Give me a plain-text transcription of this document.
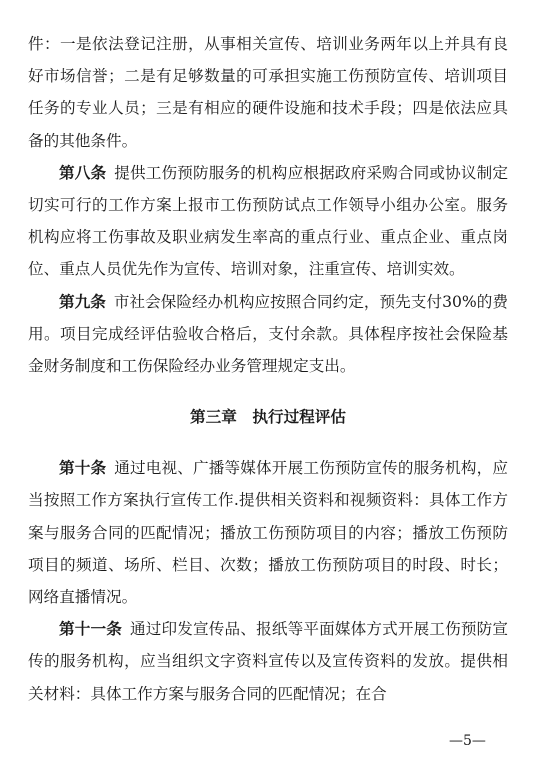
件：一是依法登记注册，从事相关宣传、培训业务两年以上并具有良好市场信誉；二是有足够数量的可承担实施工伤预防宣传、培训项目任务的专业人员；三是有相应的硬件设施和技术手段；四是依法应具备的其他条件。

第八条 提供工伤预防服务的机构应根据政府采购合同或协议制定切实可行的工作方案上报市工伤预防试点工作领导小组办公室。服务机构应将工伤事故及职业病发生率高的重点行业、重点企业、重点岗位、重点人员优先作为宣传、培训对象，注重宣传、培训实效。

第九条 市社会保险经办机构应按照合同约定，预先支付30%的费用。项目完成经评估验收合格后，支付余款。具体程序按社会保险基金财务制度和工伤保险经办业务管理规定支出。

第三章　执行过程评估

第十条 通过电视、广播等媒体开展工伤预防宣传的服务机构，应当按照工作方案执行宣传工作.提供相关资料和视频资料：具体工作方案与服务合同的匹配情况；播放工伤预防项目的内容；播放工伤预防项目的频道、场所、栏目、次数；播放工伤预防项目的时段、时长；网络直播情况。

第十一条 通过印发宣传品、报纸等平面媒体方式开展工伤预防宣传的服务机构，应当组织文字资料宣传以及宣传资料的发放。提供相关材料：具体工作方案与服务合同的匹配情况；在合

—5—
